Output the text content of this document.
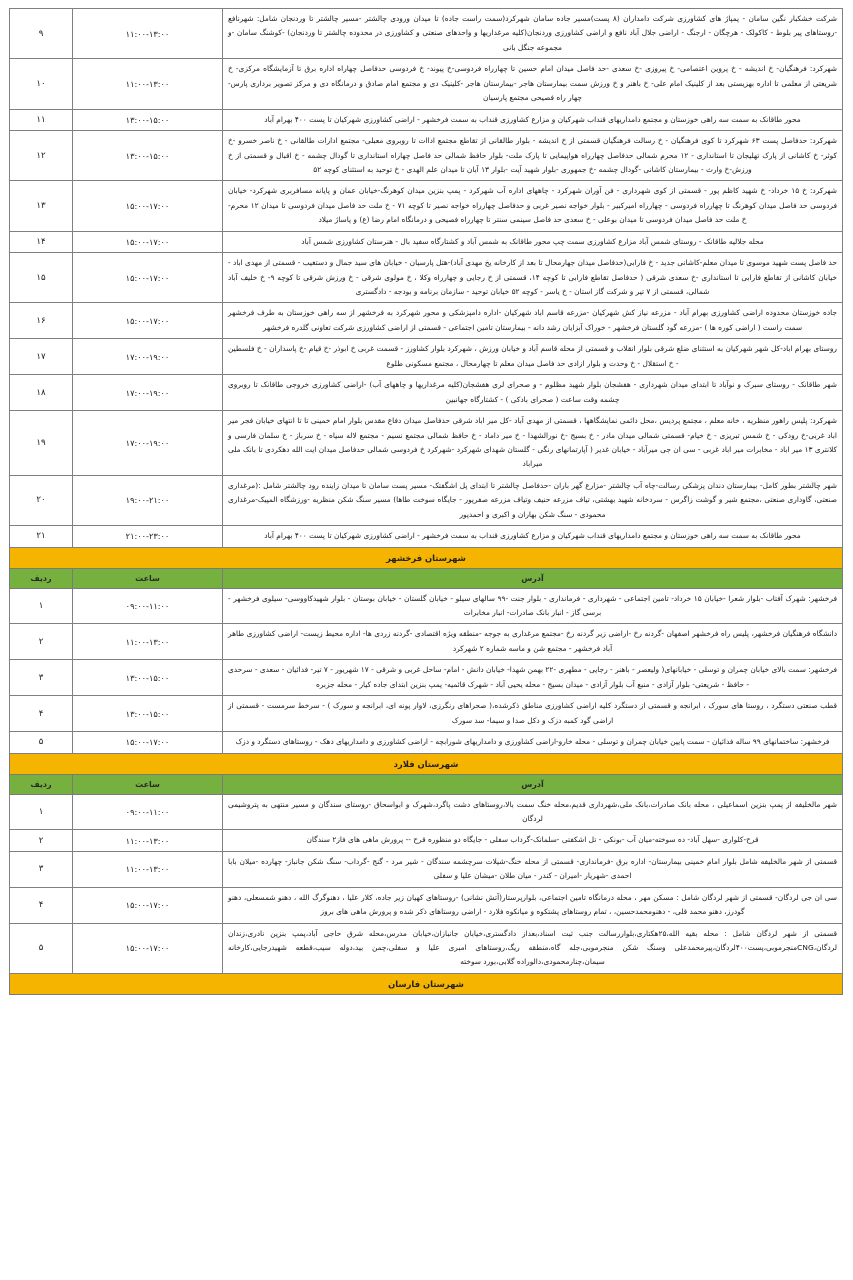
شرکت خشکبار نگین سامان - پمپاژ های کشاورزی شرکت دامداران (۸ پست)مسیر جاده سامان شهرکرد(سمت راست جاده) تا میدان ورودی چالشتر -مسیر چالشتر تا وردنجان شامل: شهرنافع -روستاهای پیر بلوط - کاکولک - هرچگان - ارجنگ - اراضی جلال آباد نافع و اراضی کشاورزی وردنجان(کلیه مرغداریها و واحدهای صنعتی و کشاورزی در محدوده چالشتر تا وردنجان) -کوشنگ سامان -و مجموعه جنگل بانی	۱۱:۰۰-۱۳:۰۰	۹
شهرکرد: فرهنگیان- خ اندیشه - خ پروین اعتصامی- خ پیروزی -خ سعدی -حد فاصل میدان امام حسین تا چهارراه فردوسی-خ پیوند- خ فردوسی حدفاصل چهاراه اداره برق تا آزمایشگاه مرکزی- خ شریعتی از معلمی تا اداره بهزیستی بعد از کلینیک امام علی- خ باهنر و خ ورزش سمت بیمارستان هاجر -بیمارستان هاجر -کلینیک دی و مجتمع امام صادق و درمانگاه دی و مرکز تصویر برداری پارس-چهار راه فصیحی مجتمع پارسیان	۱۱:۰۰-۱۳:۰۰	۱۰
محور طاقانک به سمت سه راهی خوزستان و مجتمع دامداریهای قنداب شهرکیان و مزارع کشاورزی قنداب به سمت فرخشهر - اراضی کشاورزی شهرکیان تا پست ۴۰۰ بهرام آباد	۱۳:۰۰-۱۵:۰۰	۱۱
شهرکرد: حدفاصل پست ۶۳ شهرکرد تا کوی فرهنگیان - خ رسالت فرهنگیان قسمتی از خ اندیشه - بلوار طالقانی از تقاطع مجتمع اداات تا روبروی معبلی- مجتمع ادارات طالقانی - خ ناصر خسرو -خ کوثر- خ کاشانی از پارک تهلیجان تا استانداری - ۱۲ محرم شمالی حدفاصل چهارراه هواپیمایی تا پارک ملت- بلوار حافظ شمالی حد فاصل چهاراه استانداری تا گودال چشمه - خ اقبال و قسمتی از خ ورزش-خ وارث - بیمارستان کاشانی -گودال چشمه -خ جمهوری -بلوار شهید آیت -بلوار ۱۳ آبان تا میدان علم الهدی - خ توحید به استثنای کوچه ۵۲	۱۳:۰۰-۱۵:۰۰	۱۲
شهرکرد: خ ۱۵ خرداد- خ شهید کاظم پور - قسمتی از کوی شهرداری - فن آوران شهرکرد - چاههای اداره آب شهرکرد - پمپ بنزین میدان کوهرنگ-خیابان عمان و پایانه مسافربری شهرکرد- خیابان فردوسی حد فاصل میدان کوهرنگ تا چهارراه فردوسی - چهارراه امیرکبیر - بلوار خواجه نصیر غربی و حدفاصل چهارراه خواجه نصیر تا کوچه ۷۱ - خ ملت حد فاصل میدان فردوسی تا میدان ۱۲ محرم- خ ملت حد فاصل میدان فردوسی تا میدان بوعلی - خ سعدی حد فاصل سینمی سنتر تا چهارراه فصیحی و درمانگاه امام رضا (ع) و پاساژ میلاد	۱۵:۰۰-۱۷:۰۰	۱۳
محله جلاليه طاقانک - روستای شمس آباد مزارع کشاورزی سمت چپ محور طاقانک به شمس آباد و کشتارگاه سفید بال - هنرستان کشاورزی شمس آباد	۱۵:۰۰-۱۷:۰۰	۱۴
حد فاصل پست شهید موسوی تا میدان معلم-کاشانی جدید - خ فارابی(حدفاصل میدان جهارمحال تا بعد از کارخانه یخ مهدی آباد)-هتل پارسیان - خیابان های سید جمال و دستغیب - قسمتی از مهدی اباد - خیابان کاشانی از تقاطع فارابی تا استانداری -خ سعدی شرقی ( حدفاصل تقاطع فارابی تا کوچه ۱۴، قسمتی از خ رجایی و چهارراه وکلا ، خ مولوی شرقی - خ ورزش شرقی تا کوچه ۹- خ خلیف آباد شمالی، قسمتی از ۷ تیر و شرکت گاز استان - خ یاسر - کوچه ۵۲ خیابان توحید - سازمان برنامه و بودجه - دادگستری	۱۵:۰۰-۱۷:۰۰	۱۵
جاده خوزستان محدوده اراضی کشاورزی بهرام آباد - مزرعه نیاز کش شهرکیان -مزرعه قاسم اباد شهرکیان -اداره دامپزشکی و محور شهرکرد به فرخشهر از سه راهی خوزستان به طرف فرخشهر سمت راست ( اراضی کوره ها ) -مزرعه گود گلستان فرخشهر - خوراک آبزایان رشد دانه - بیمارستان تامین اجتماعی - قسمتی از اراضی کشاورزی شرکت تعاونی گلدره فرخشهر	۱۵:۰۰-۱۷:۰۰	۱۶
روستای بهرام اباد-کل شهر شهرکیان به استثنای ضلع شرقی بلوار انقلاب و قسمتی از محله قاسم آباد و خیابان ورزش ، شهرکرد بلوار کشاورز - قسمت غربی خ ابوذر -خ قیام -خ پاسداران - خ فلسطین - خ استقلال - خ وحدت و بلوار ازادی حد فاصل میدان معلم تا چهارمحال ، مجتمع مسکونی طلوع	۱۷:۰۰-۱۹:۰۰	۱۷
شهر طاقانک - روستای سبرک و نوآباد تا ابتدای میدان شهرداری - هفشجان بلوار شهید مظلوم - و صحرای لری هفشجان(کلیه مرغداریها و چاههای آب) -اراضی کشاورزی خروجی طاقانک تا روبروی چشمه وقت ساعت ( صحرای بادکی ) - کشتارگاه جهانبین	۱۷:۰۰-۱۹:۰۰	۱۸
شهرکرد: پلیس راهور منظریه ، خانه معلم ، مجتمع پردیس ،محل دائمی نمایشگاهها ، قسمتی از مهدی آباد -کل میر اباد شرقی حدفاصل میدان دفاع مقدس بلوار امام خمینی تا تا انتهای خیابان فجر میر اباد غربی-خ رودکی - خ شمس تبریزی - خ خیام- قسمتی شمالی میدان مادر - خ بسیج -خ نورالشهدا - خ میر داماد - خ حافظ شمالی مجتمع نسیم - مجتمع لاله سیاه - خ سرباز - خ سلمان فارسی و کلانتری ۱۳ میر اباد - مخابرات میر اباد غربی - سی ان جی میرآباد - خیابان غدیر ( آپارتمانهای رنگی - گلستان شهدای شهرکرد -شهرکرد خ فردوسی شمالی حدفاصل میدان ایت الله دهکردی تا بانک ملی میراباد	۱۷:۰۰-۱۹:۰۰	۱۹
شهر چالشتر بطور کامل- بیمارستان دندان پزشکی رسالت-چاه آب چالشتر -مزارع گهر باران -حدفاصل چالشتر تا ابتدای پل اشگفتک- مسیر پست سامان تا میدان زاینده رود چالشتر شامل :(مرغداری صنعتی، گاوداری صنعتی ،مجتمع شیر و گوشت زاگرس - سردخانه شهید بهشتی، تیاف مزرعه حنیف وتیاف مزرعه صفرپور - جایگاه سوخت طاها) مسیر سنگ شکن منظریه -ورزشگاه المپیک-مرغداری محمودی - سنگ شکن بهاران و اکبری و احمدپور	۱۹:۰۰-۲۱:۰۰	۲۰
محور طاقانک به سمت سه راهی خوزستان و مجتمع دامداریهای قنداب شهرکیان و مزارع کشاورزی قنداب به سمت فرخشهر - اراضی کشاورزی شهرکیان تا پست ۴۰۰ بهرام آباد	۲۱:۰۰-۲۳:۰۰	۲۱
شهرستان فرخشهر		
آدرس	ساعت	ردیف
فرخشهر: شهرک آفتاب -بلوار شعرا -خیابان ۱۵ خرداد- تامین اجتماعی - شهرداری - فرمانداری - بلوار جنت -۹۹ سالهای سیلو - خیابان گلستان - خیابان بوستان - بلوار شهیدکاووسی- سیلوی فرخشهر - برسی گاز - انبار بانک صادرات- انبار مخابرات	۰۹:۰۰-۱۱:۰۰	۱
دانشگاه فرهنگیان فرخشهر، پلیس راه فرخشهر اصفهان -گردنه رخ -اراضی زیر گردنه رخ -مجتمع مرغداری به جوجه -منطقه ویژه اقتصادی -گردنه زردی ها- اداره محیط زیست- اراضی کشاورزی طاهر آباد فرخشهر - مجتمع شن و ماسه شماره ۲ شهرکرد	۱۱:۰۰-۱۳:۰۰	۲
فرخشهر: سمت بالای خیابان چمران و توسلی - خیابانهای( ولیعصر - باهنر - رجایی - مطهری -۲۲ بهمن شهدا- خیابان دانش - امام- ساحل غربی و شرقی - ۱۷ شهریور - ۷ تیر- فدائیان - سعدی - سرحدی - حافظ - شریعتی- بلوار آزادی - منبع آب بلوار آزادی - میدان بسیج - محله یحیی آباد - شهرک قائمیه- پمپ بنزین ابتدای جاده کیار - محله جزبره	۱۳:۰۰-۱۵:۰۰	۳
قطب صنعتی دستگرد ، روستا های سورک ، ابرانجه و قسمتی از دستگرد کلیه اراضی کشاورزی مناطق ذکرشده،( صحراهای رنگرزی، لاوار پونه ای، ابرانجه و سورک ) - سرخط سرمست - قسمتی از اراضی گود کمبه دزک و دکل صدا و سیما- سد سورک	۱۳:۰۰-۱۵:۰۰	۴
فرخشهر: ساختمانهای ۹۹ ساله فدائیان - سمت پایین خیابان چمران و توسلی - محله خارو-اراضی کشاورزی و دامداریهای شورابچه - اراضی کشاورزی و دامداریهای دهک - روستاهای دستگرد و دزک	۱۵:۰۰-۱۷:۰۰	۵
شهرستان فلارد		
آدرس	ساعت	ردیف
شهر مالخلیفه از پمپ بنزین اسماعیلی ، محله بانک صادرات،بانک ملی،شهرداری قدیم،محله خنگ سمت بالا،روستاهای دشت پاگرد،شهرک و ابواسحاق -روستای سندگان و مسیر منتهی به پتروشیمی لردگان	۰۹:۰۰-۱۱:۰۰	۱
قرح-کلواری -سهل آباد- ده سوخته-میان آب -بونکی - تل اشکفتی -سلمانک-گرداب سفلی - جایگاه دو منظوره قرح -- پرورش ماهی های فاز۲ سندگان	۱۱:۰۰-۱۳:۰۰	۲
قسمتی از شهر مالخلیفه شامل بلوار امام خمینی بیمارستان- اداره برق -فرمانداری- قسمتی از محله خنگ-شیلات سرچشمه سندگان - شیر مرد - گنج -گرداب- سنگ شکن جانباز- چهارده -میلان بابا احمدی -شهریار -امیران - کندر - میان طلان -میشان علیا و سفلی	۱۱:۰۰-۱۳:۰۰	۳
سی ان جی لردگان- قسمتی از شهر لردگان شامل : مسکن مهر ، محله درمانگاه تامین اجتماعی، بلوارپرستار(آتش نشانی) -روستاهای کهیان زیر جاده، کلار علیا ، دهنوگرگ الله ، دهنو شمسعلی، دهنو گودرز، دهنو محمد قلی، - دهنومحمدحسین، ، تمام روستاهای پشتکوه و میانکوه فلارد - اراضی روستاهای ذکر شده و پرورش ماهی های بروز	۱۵:۰۰-۱۷:۰۰	۴
قسمتی از شهر لردگان شامل : محله بقیه الله،۲۵هکتاری،بلواررسالت جنب ثبت اسناد،بعداز دادگستری،خیابان جانبازان،خیابان مدرس،محله شرق حاجی آباد،پمپ بنزین نادری،زندان لردگان،CNGمنجرموبی،پست۴۰۰لردگان،پیرمحمدعلی وسنگ شکن منجرموبی،جله گاه،منطقه ریگ،روستاهای امبری علیا و سفلی،چمن بید،دوله سیب،قطعه شهیدرجایی،کارخانه سیمان،چنارمحمودی،دالوراده گلابی،بورد سوخته	۱۵:۰۰-۱۷:۰۰	۵
شهرستان فارسان		
